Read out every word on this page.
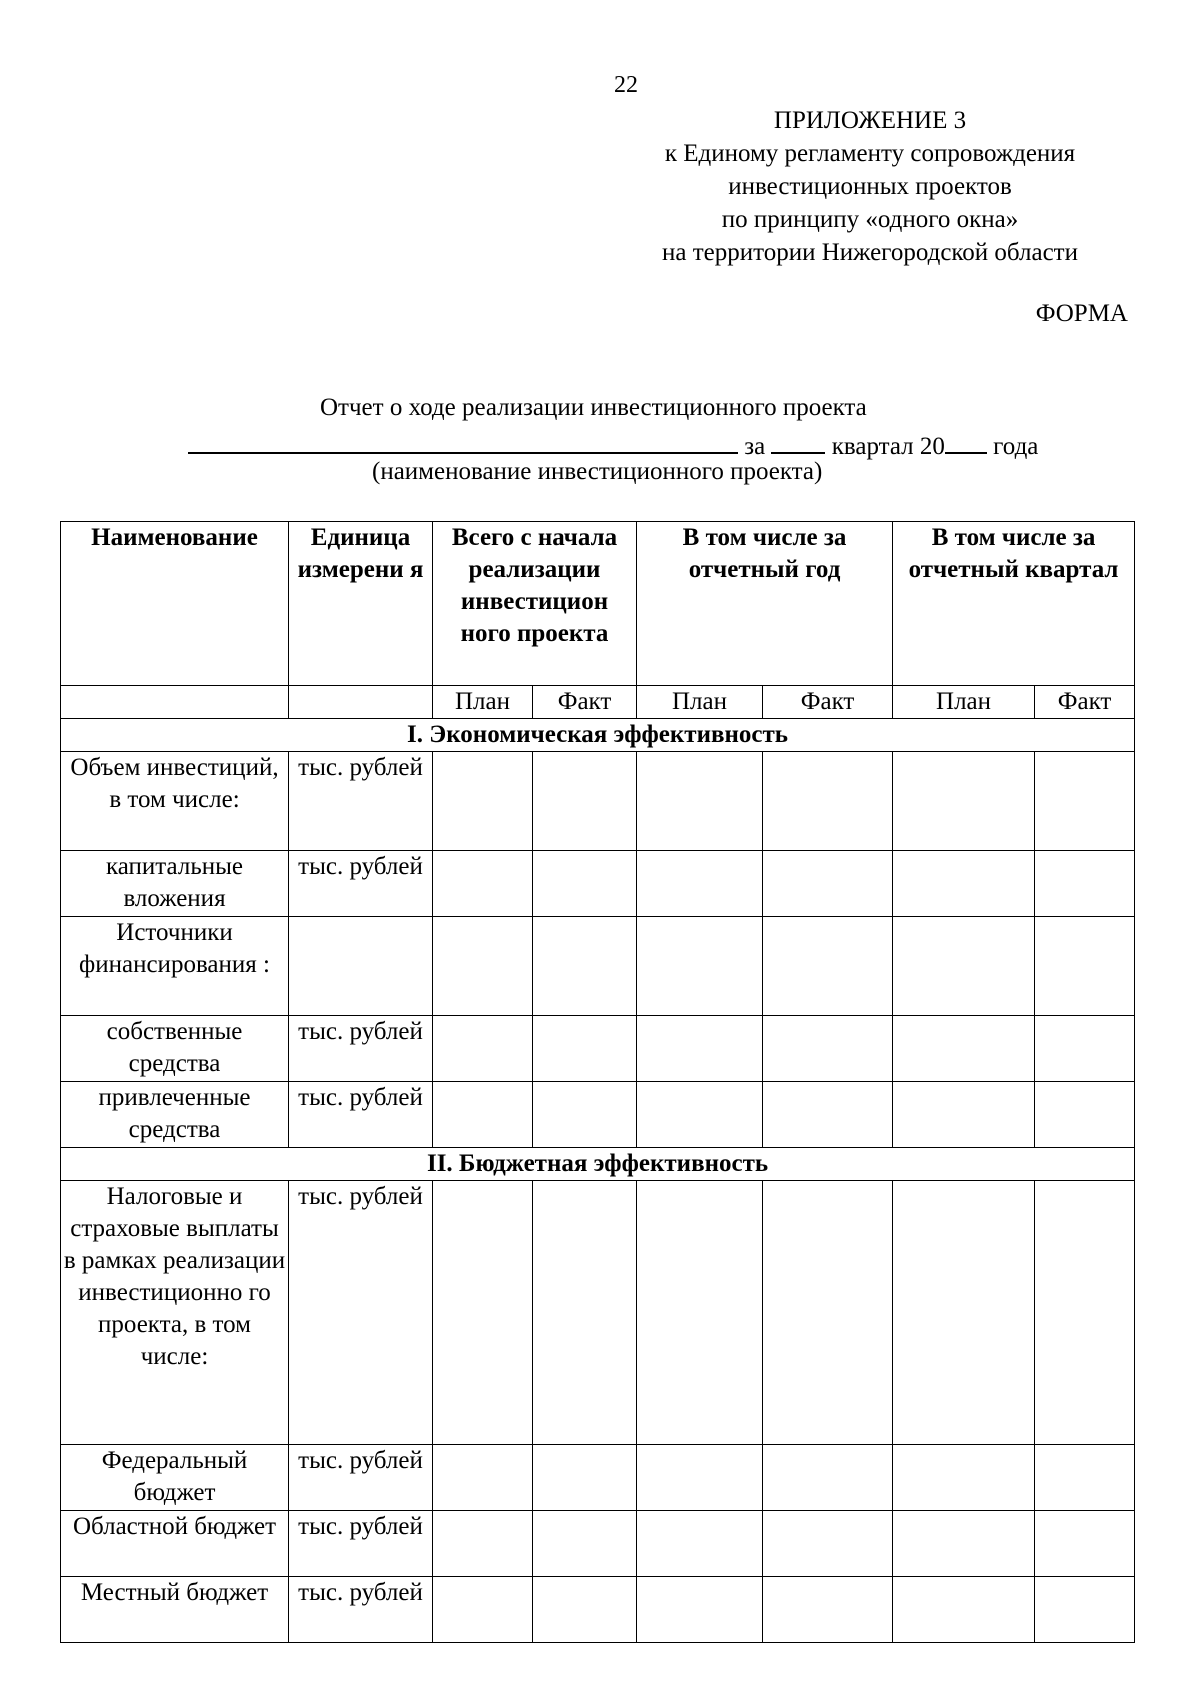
22
ПРИЛОЖЕНИЕ 3
к Единому регламенту сопровождения
инвестиционных проектов
по принципу «одного окна»
на территории Нижегородской области
ФОРМА
Отчет о ходе реализации инвестиционного проекта
за	квартал 20 года
(наименование инвестиционного проекта)
Наименование	Единица измерени я	Всего с начала реализации инвестицион ного проекта		В том числе за отчетный год		В том числе за отчетный квартал	
		План	Факт	План	Факт	План	Факт
I. Экономическая эффективность							
Объем инвестиций, в том числе:	тыс. рублей						
капитальные вложения	тыс. рублей						
Источники финансирования :							
собственные средства	тыс. рублей						
привлеченные средства	тыс. рублей						
II. Бюджетная эффективность							
Налоговые и страховые выплаты в рамках реализации инвестиционно го проекта, в том числе:	тыс. рублей						
Федеральный бюджет	тыс. рублей						
Областной бюджет	тыс. рублей						
Местный бюджет	тыс. рублей						
